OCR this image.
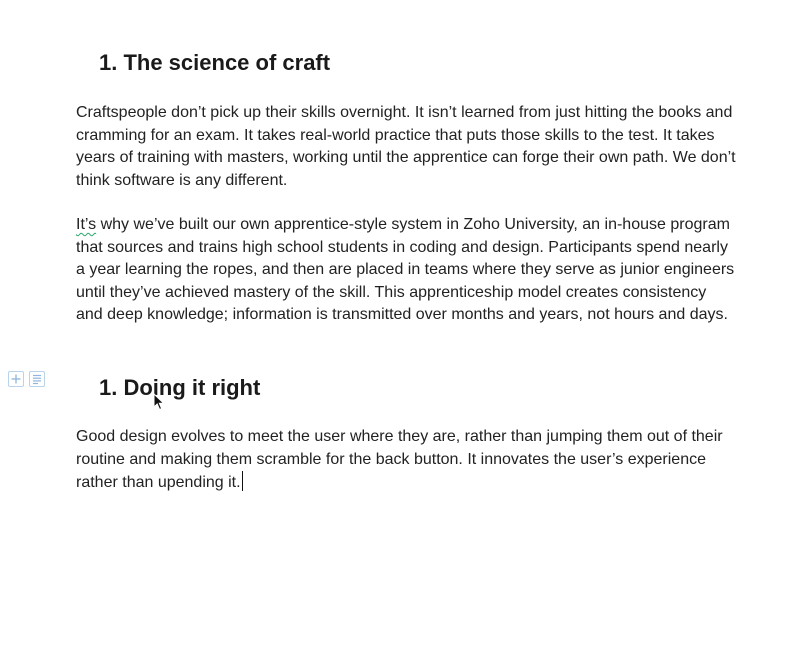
1. The science of craft

Craftspeople don’t pick up their skills overnight. It isn’t learned from just hitting the books and cramming for an exam. It takes real-world practice that puts those skills to the test. It takes years of training with masters, working until the apprentice can forge their own path. We don’t think software is any different.

It’s why we’ve built our own apprentice-style system in Zoho University, an in-house program that sources and trains high school students in coding and design. Participants spend nearly a year learning the ropes, and then are placed in teams where they serve as junior engineers until they’ve achieved mastery of the skill. This apprenticeship model creates consistency and deep knowledge; information is transmitted over months and years, not hours and days.

1. Doing it right

Good design evolves to meet the user where they are, rather than jumping them out of their routine and making them scramble for the back button. It innovates the user’s experience rather than upending it.
